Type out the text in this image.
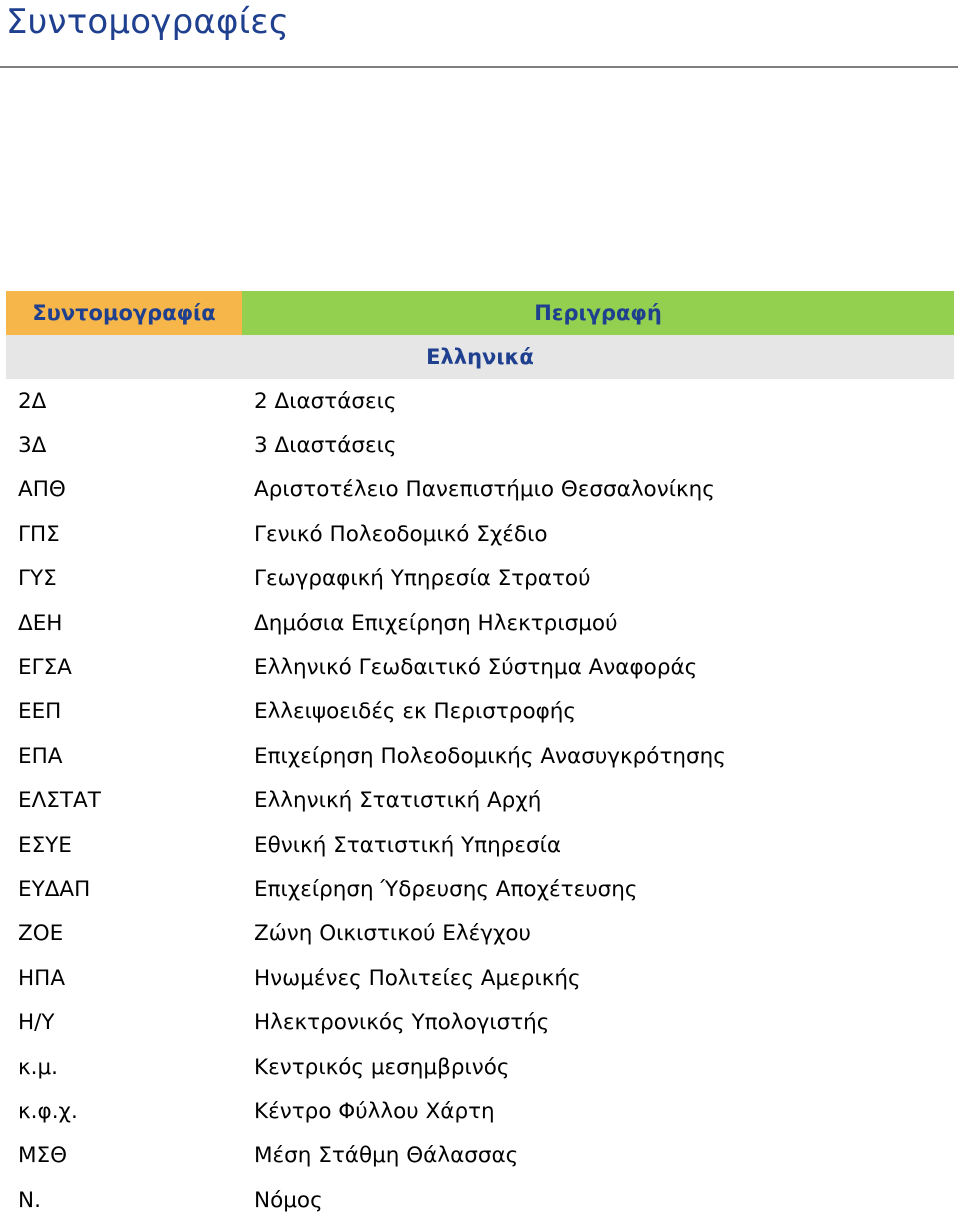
Συντομογραφίες
Συντομογραφία	Περιγραφή
Ελληνικά
2Δ	2 Διαστάσεις
3Δ	3 Διαστάσεις
ΑΠΘ	Αριστοτέλειο Πανεπιστήμιο Θεσσαλονίκης
ΓΠΣ	Γενικό Πολεοδομικό Σχέδιο
ΓΥΣ	Γεωγραφική Υπηρεσία Στρατού
ΔΕΗ	Δημόσια Επιχείρηση Ηλεκτρισμού
ΕΓΣΑ	Ελληνικό Γεωδαιτικό Σύστημα Αναφοράς
ΕΕΠ	Ελλειψοειδές εκ Περιστροφής
ΕΠΑ	Επιχείρηση Πολεοδομικής Ανασυγκρότησης
ΕΛΣΤΑΤ	Ελληνική Στατιστική Αρχή
ΕΣΥΕ	Εθνική Στατιστική Υπηρεσία
ΕΥΔΑΠ	Επιχείρηση Ύδρευσης Αποχέτευσης
ΖΟΕ	Ζώνη Οικιστικού Ελέγχου
ΗΠΑ	Ηνωμένες Πολιτείες Αμερικής
Η/Υ	Ηλεκτρονικός Υπολογιστής
κ.μ.	Κεντρικός μεσημβρινός
κ.φ.χ.	Κέντρο Φύλλου Χάρτη
ΜΣΘ	Μέση Στάθμη Θάλασσας
Ν.	Νόμος
